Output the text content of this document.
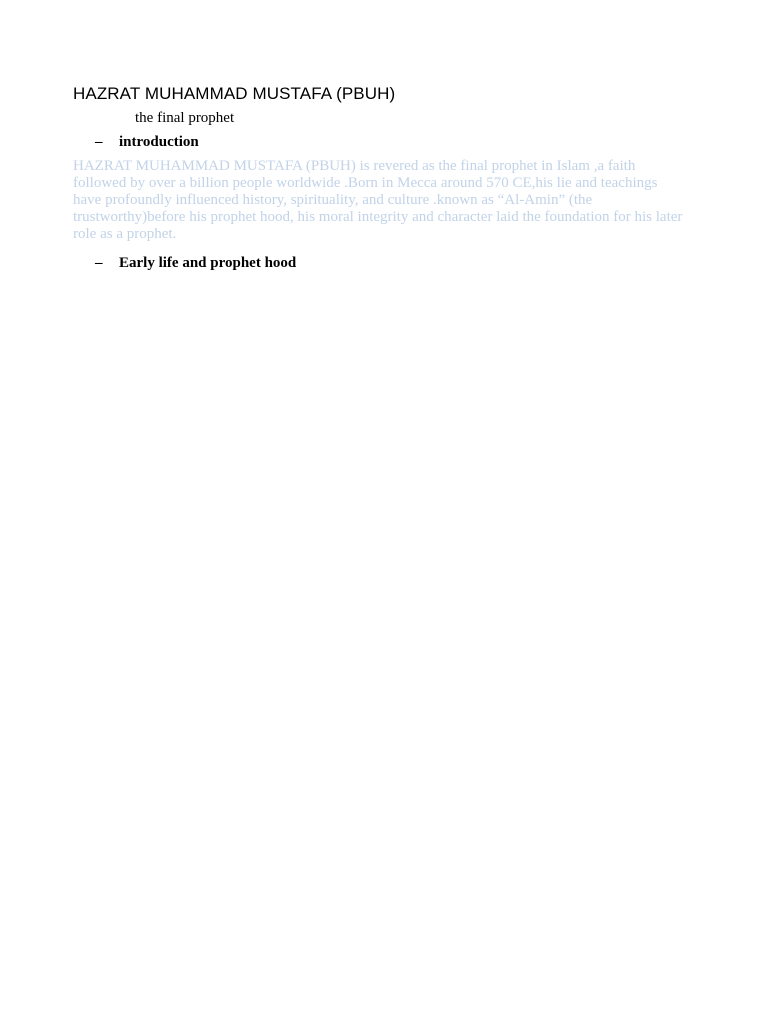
HAZRAT MUHAMMAD MUSTAFA (PBUH)
the final prophet
–	introduction
HAZRAT MUHAMMAD MUSTAFA (PBUH) is revered as the final prophet in Islam ,a faith followed by over a billion people worldwide .Born in Mecca around 570 CE,his lie and teachings have profoundly influenced history, spirituality, and culture .known as “Al-Amin” (the trustworthy)before his prophet hood, his moral integrity and character laid the foundation for his later role as a prophet.
–	Early life and prophet hood
